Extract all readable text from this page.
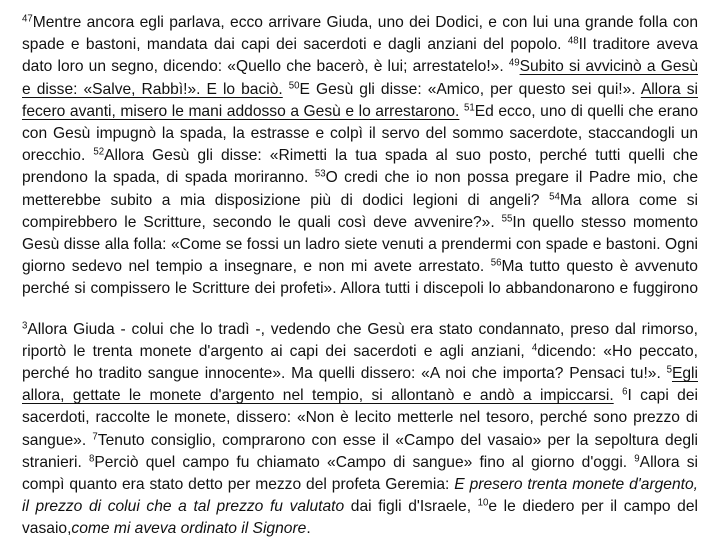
$^{47}$Mentre ancora egli parlava, ecco arrivare Giuda, uno dei Dodici, e con lui una grande folla con spade e bastoni, mandata dai capi dei sacerdoti e dagli anziani del popolo. $^{48}$Il traditore aveva dato loro un segno, dicendo: «Quello che bacerò, è lui; arrestatelo!». $^{49}$Subito si avvicinò a Gesù e disse: «Salve, Rabbì!». E lo baciò. $^{50}$E Gesù gli disse: «Amico, per questo sei qui!». Allora si fecero avanti, misero le mani addosso a Gesù e lo arrestarono. $^{51}$Ed ecco, uno di quelli che erano con Gesù impugnò la spada, la estrasse e colpì il servo del sommo sacerdote, staccandogli un orecchio. $^{52}$Allora Gesù gli disse: «Rimetti la tua spada al suo posto, perché tutti quelli che prendono la spada, di spada moriranno. $^{53}$O credi che io non possa pregare il Padre mio, che metterebbe subito a mia disposizione più di dodici legioni di angeli? $^{54}$Ma allora come si compirebbero le Scritture, secondo le quali così deve avvenire?». $^{55}$In quello stesso momento Gesù disse alla folla: «Come se fossi un ladro siete venuti a prendermi con spade e bastoni. Ogni giorno sedevo nel tempio a insegnare, e non mi avete arrestato. $^{56}$Ma tutto questo è avvenuto perché si compissero le Scritture dei profeti». Allora tutti i discepoli lo abbandonarono e fuggirono

$^3$Allora Giuda - colui che lo tradì -, vedendo che Gesù era stato condannato, preso dal rimorso, riportò le trenta monete d'argento ai capi dei sacerdoti e agli anziani, $^4$dicendo: «Ho peccato, perché ho tradito sangue innocente». Ma quelli dissero: «A noi che importa? Pensaci tu!». $^5$Egli allora, gettate le monete d'argento nel tempio, si allontanò e andò a impiccarsi. $^6$I capi dei sacerdoti, raccolte le monete, dissero: «Non è lecito metterle nel tesoro, perché sono prezzo di sangue». $^7$Tenuto consiglio, comprarono con esse il «Campo del vasaio» per la sepoltura degli stranieri. $^8$Perciò quel campo fu chiamato «Campo di sangue» fino al giorno d'oggi. $^9$Allora si compì quanto era stato detto per mezzo del profeta Geremia: E presero trenta monete d'argento, il prezzo di colui che a tal prezzo fu valutato dai figli d'Israele, $^{10}$e le diedero per il campo del vasaio,come mi aveva ordinato il Signore.
